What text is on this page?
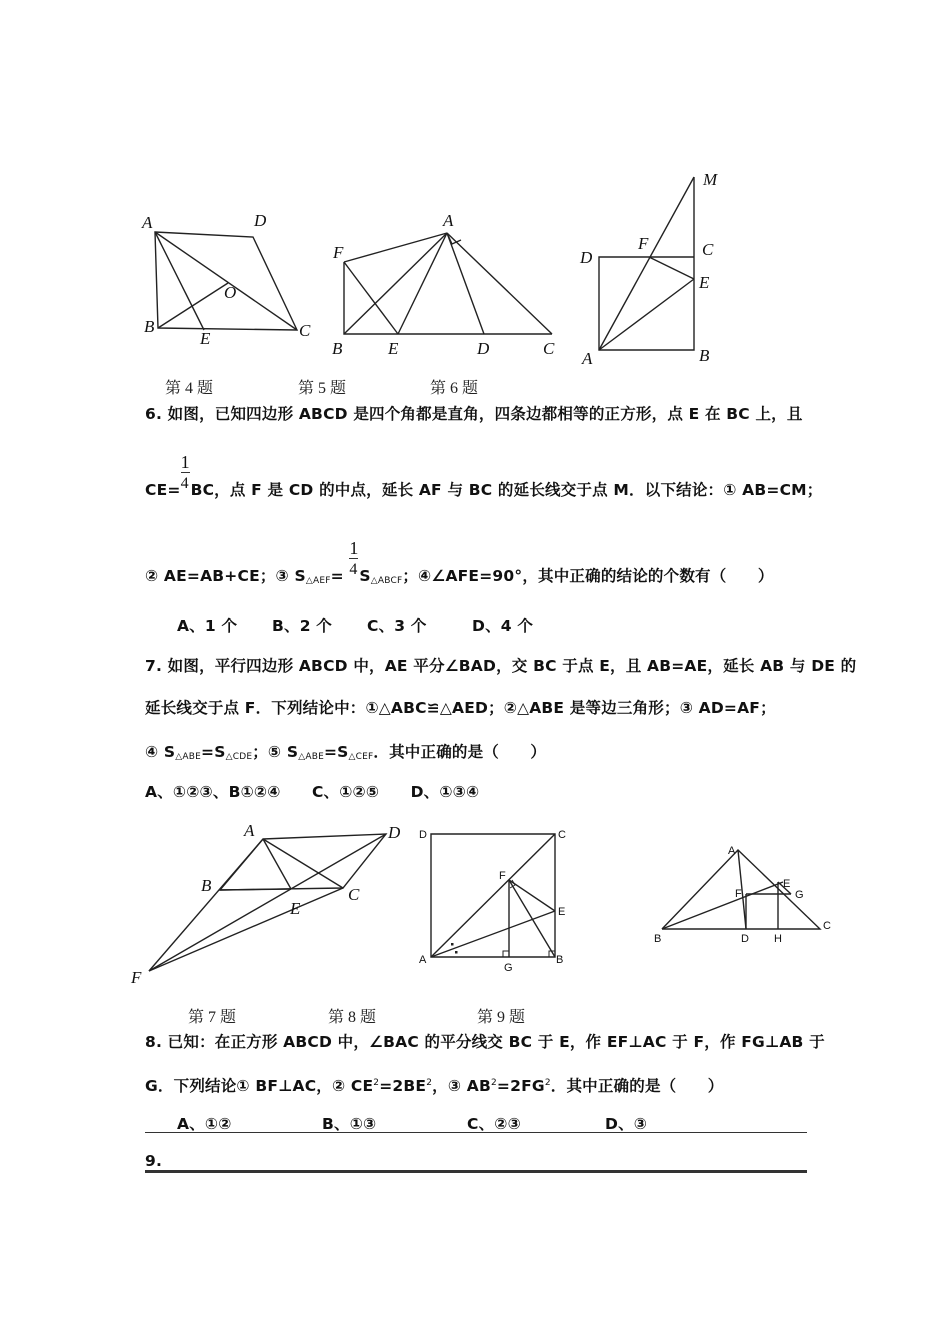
A	D
O
B
E	C
A
F
B	E	D	C
M
F	C
D
E
A	B
第 4 题	第 5 题	第 6 题
6. 如图，已知四边形 ABCD 是四个角都是直角，四条边都相等的正方形，点 E 在 BC 上，且
$CE= \frac{1}{4}$ BC，点 F 是 CD 的中点，延长 AF 与 BC 的延长线交于点 M．以下结论：① AB=CM；
② AE=AB+CE；③ $S_{\triangle AEF}= \frac{1}{4} S_{\triangle ABCF}$；④∠AFE=90°，其中正确的结论的个数有（　　）
A、1 个 B、2 个 C、3 个	D、4 个
7. 如图，平行四边形 ABCD 中，AE 平分∠BAD，交 BC 于点 E，且 AB=AE，延长 AB 与 DE 的
延长线交于点 F．下列结论中：①△ABC≌△AED；②△ABE 是等边三角形；③ AD=AF；
④ $S_{\triangle ABE}=S_{\triangle CDE}$；⑤ $S_{\triangle ABE}=S_{\triangle CEF}$．其中正确的是（　　）
A、①②③、B①②④　　C、①②⑤　　D、①③④
A	D
B
E
C
F
D	C
F
E
A
G
B
A
F
E
G
B	D H
C
第 7 题	第 8 题	第 9 题
8. 已知：在正方形 ABCD 中，∠BAC 的平分线交 BC 于 E，作 EF⊥AC 于 F，作 FG⊥AB 于
G．下列结论① BF⊥AC，② $CE^2=2BE^2$，③ $AB^2=2FG^2$．其中正确的是（　　）
A、①②	B、①③	C、②③	D、③
9.
